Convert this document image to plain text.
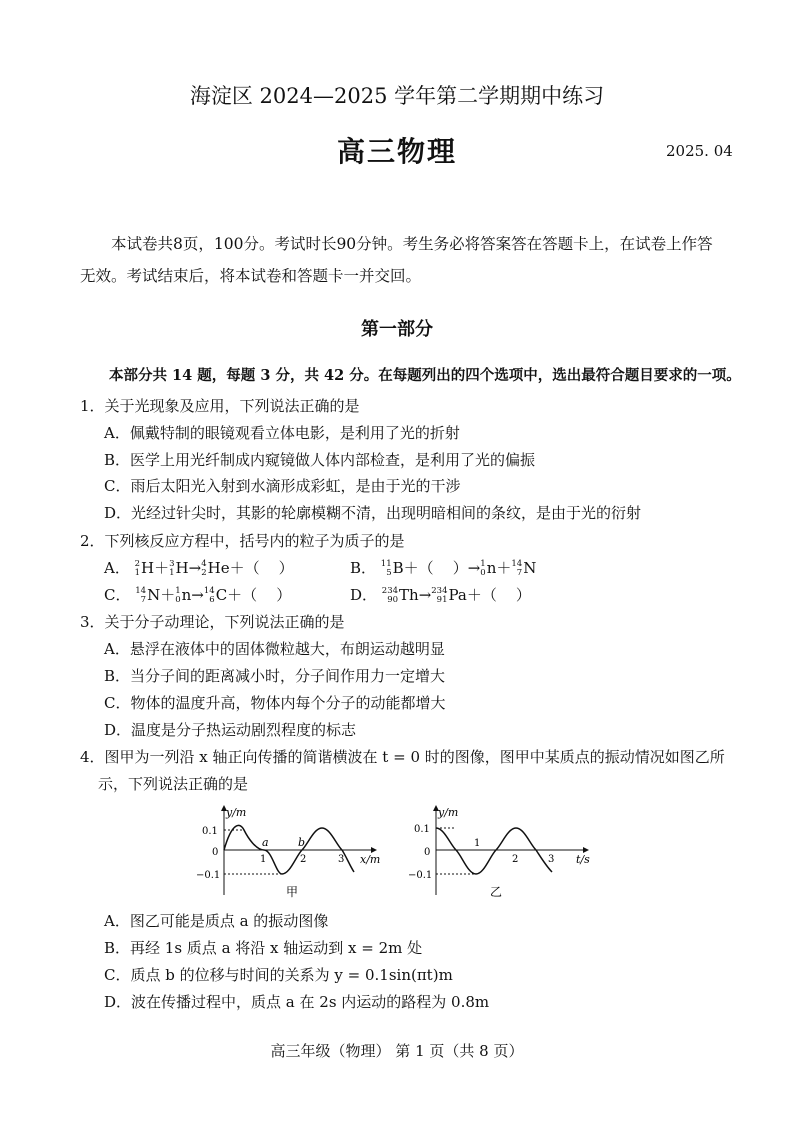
海淀区 2024—2025 学年第二学期期中练习
高三物理	2025. 04
本试卷共8页，100分。考试时长90分钟。考生务必将答案答在答题卡上，在试卷上作答无效。考试结束后，将本试卷和答题卡一并交回。
第一部分
本部分共 14 题，每题 3 分，共 42 分。在每题列出的四个选项中，选出最符合题目要求的一项。
1．关于光现象及应用，下列说法正确的是
A．佩戴特制的眼镜观看立体电影，是利用了光的折射
B．医学上用光纤制成内窥镜做人体内部检查，是利用了光的偏振
C．雨后太阳光入射到水滴形成彩虹，是由于光的干涉
D．光经过针尖时，其影的轮廓模糊不清，出现明暗相间的条纹，是由于光的衍射
2．下列核反应方程中，括号内的粒子为质子的是
A． 2
1 H＋ 3
1 H→ 4
2 He＋（    ）	B． 11
5 B＋（    ）→ 1
0 n＋ 14
7 N
C． 14
7 N＋ 1
0 n→ 14
6 C＋（    ）	D． 234
90 Th→ 234
91 Pa＋（    ）
3．关于分子动理论，下列说法正确的是
A．悬浮在液体中的固体微粒越大，布朗运动越明显
B．当分子间的距离减小时，分子间作用力一定增大
C．物体的温度升高，物体内每个分子的动能都增大
D．温度是分子热运动剧烈程度的标志
4．图甲为一列沿 x 轴正向传播的简谐横波在 t = 0 时的图像，图甲中某质点的振动情况如图乙所
示，下列说法正确的是
y/m
0.1
0
−0.1
1	2	3 x/m
a	b
甲
y/m
0.1
0
−0.1
1
2	3 t/s
乙
A．图乙可能是质点 a 的振动图像
B．再经 1s 质点 a 将沿 x 轴运动到 x = 2m 处
C．质点 b 的位移与时间的关系为 y = 0.1sin(πt)m
D．波在传播过程中，质点 a 在 2s 内运动的路程为 0.8m
高三年级（物理） 第 1 页（共 8 页）
